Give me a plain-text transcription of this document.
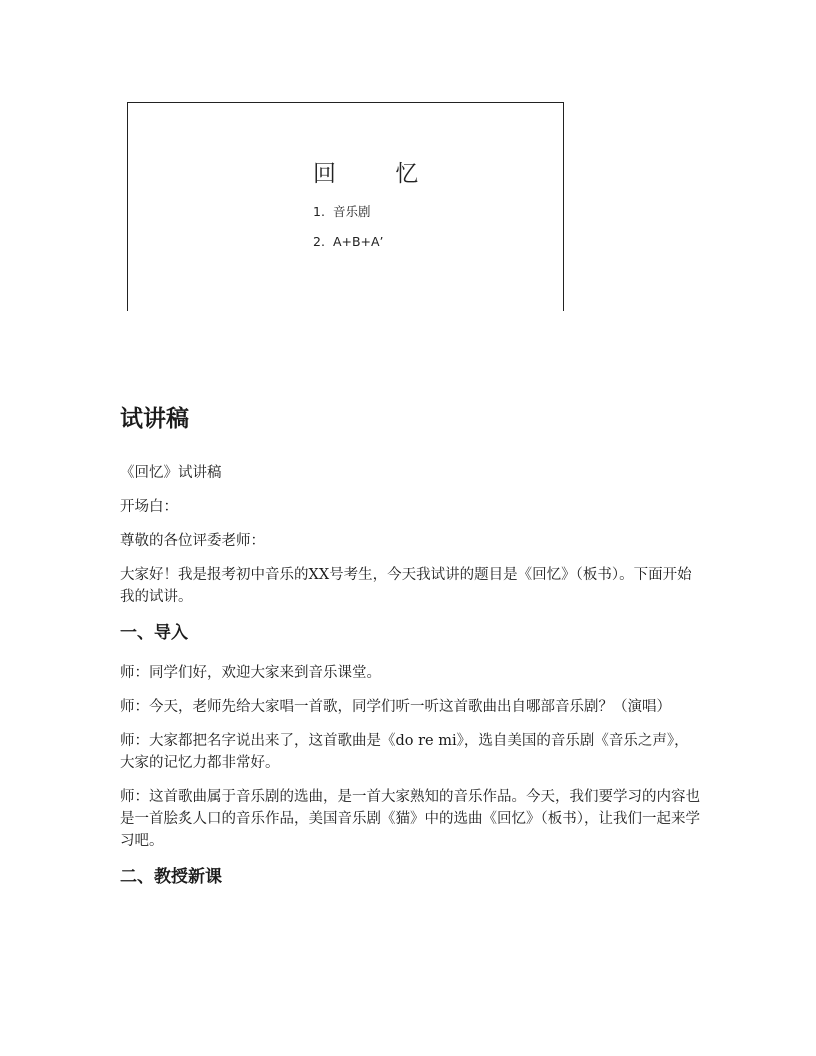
回 忆
1. 音乐剧
2. A+B+A’
试讲稿

《回忆》试讲稿

开场白：

尊敬的各位评委老师：

大家好！我是报考初中音乐的XX号考生，今天我试讲的题目是《回忆》（板书）。下面开始我的试讲。

一、导入

师：同学们好，欢迎大家来到音乐课堂。

师：今天，老师先给大家唱一首歌，同学们听一听这首歌曲出自哪部音乐剧？（演唱）

师：大家都把名字说出来了，这首歌曲是《do re mi》，选自美国的音乐剧《音乐之声》，大家的记忆力都非常好。

师：这首歌曲属于音乐剧的选曲，是一首大家熟知的音乐作品。今天，我们要学习的内容也是一首脍炙人口的音乐作品，美国音乐剧《猫》中的选曲《回忆》（板书），让我们一起来学习吧。

二、教授新课
